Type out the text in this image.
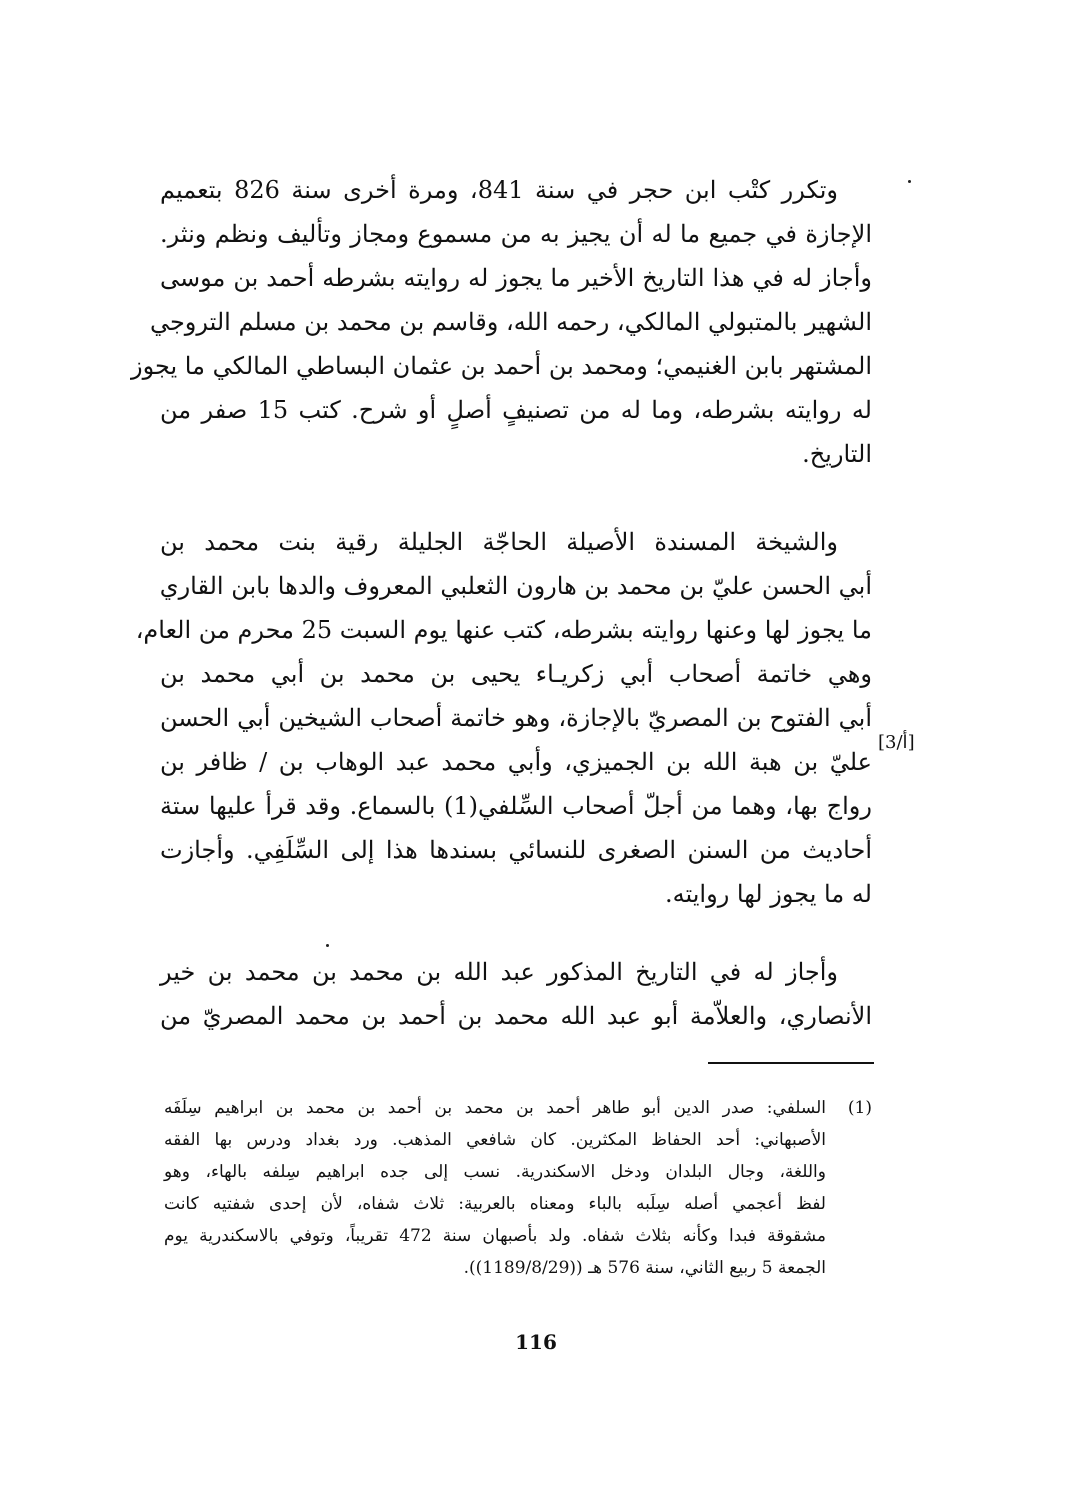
وتكرر كتْب ابن حجر في سنة 841، ومرة أخرى سنة 826 بتعميم
الإجازة في جميع ما له أن يجيز به من مسموع ومجاز وتأليف ونظم ونثر.
وأجاز له في هذا التاريخ الأخير ما يجوز له روايته بشرطه أحمد بن موسى
الشهير بالمتبولي المالكي، رحمه الله، وقاسم بن محمد بن مسلم التروجي
المشتهر بابن الغنيمي؛ ومحمد بن أحمد بن عثمان البساطي المالكي ما يجوز
له روايته بشرطه، وما له من تصنيفٍ أصلٍ أو شرح. كتب 15 صفر من
التاريخ.
والشيخة المسندة الأصيلة الحاجّة الجليلة رقية بنت محمد بن
أبي الحسن عليّ بن محمد بن هارون الثعلبي المعروف والدها بابن القاري
ما يجوز لها وعنها روايته بشرطه، كتب عنها يوم السبت 25 محرم من العام،
وهي خاتمة أصحاب أبي زكريـاء يحيى بن محمد بن أبي محمد بن
أبي الفتوح بن المصريّ بالإجازة، وهو خاتمة أصحاب الشيخين أبي الحسن
عليّ بن هبة الله بن الجميزي، وأبي محمد عبد الوهاب بن / ظافر بن
رواج بها، وهما من أجلّ أصحاب السِّلفي(1) بالسماع. وقد قرأ عليها ستة
أحاديث من السنن الصغرى للنسائي بسندها هذا إلى السِّلَفِي. وأجازت
له ما يجوز لها روايته.
[3/أ]
وأجاز له في التاريخ المذكور عبد الله بن محمد بن محمد بن خير
الأنصاري، والعلاّمة أبو عبد الله محمد بن أحمد بن محمد المصريّ من
(1)
السلفي: صدر الدين أبو طاهر أحمد بن محمد بن أحمد بن محمد بن ابراهيم سِلَفَه
الأصبهاني: أحد الحفاظ المكثرين. كان شافعي المذهب. ورد بغداد ودرس بها الفقه
واللغة، وجال البلدان ودخل الاسكندرية. نسب إلى جده ابراهيم سِلفه بالهاء، وهو
لفظ أعجمي أصله سِلَبه بالباء ومعناه بالعربية: ثلاث شفاه، لأن إحدى شفتيه كانت
مشقوقة فبدا وكأنه بثلاث شفاه. ولد بأصبهان سنة 472 تقريباً، وتوفي بالاسكندرية يوم
الجمعة 5 ربيع الثاني، سنة 576 هـ ((1189/8/29)).
116
